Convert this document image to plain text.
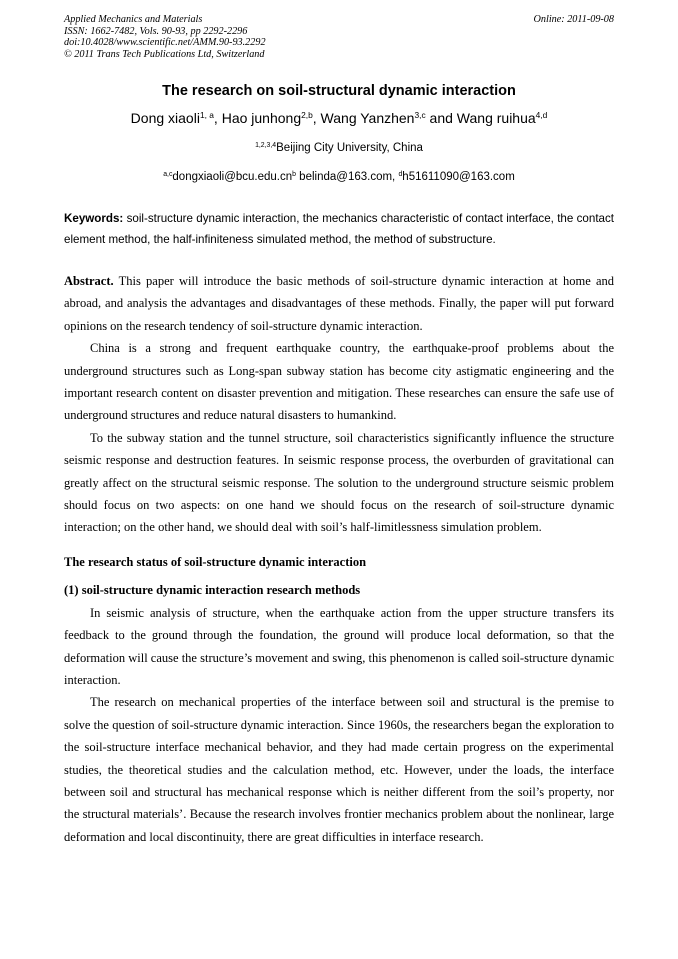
Applied Mechanics and Materials
ISSN: 1662-7482, Vols. 90-93, pp 2292-2296
doi:10.4028/www.scientific.net/AMM.90-93.2292
© 2011 Trans Tech Publications Ltd, Switzerland
Online: 2011-09-08
The research on soil-structural dynamic interaction
Dong xiaoli$^{1, a}$, Hao junhong$^{2,b}$, Wang Yanzhen$^{3,c}$ and Wang ruihua$^{4,d}$
$^{1,2,3,4}$Beijing City University, China
$^{a,c}dongxiaoli@bcu.edu.cn^b$ belinda@163.com, $^d$h51611090@163.com
Keywords: soil-structure dynamic interaction, the mechanics characteristic of contact interface, the contact element method, the half-infiniteness simulated method, the method of substructure.

Abstract. This paper will introduce the basic methods of soil-structure dynamic interaction at home and abroad, and analysis the advantages and disadvantages of these methods. Finally, the paper will put forward opinions on the research tendency of soil-structure dynamic interaction.

China is a strong and frequent earthquake country, the earthquake-proof problems about the underground structures such as Long-span subway station has become city astigmatic engineering and the important research content on disaster prevention and mitigation. These researches can ensure the safe use of underground structures and reduce natural disasters to humankind.

To the subway station and the tunnel structure, soil characteristics significantly influence the structure seismic response and destruction features. In seismic response process, the overburden of gravitational can greatly affect on the structural seismic response. The solution to the underground structure seismic problem should focus on two aspects: on one hand we should focus on the research of soil-structure dynamic interaction; on the other hand, we should deal with soil’s half-limitlessness simulation problem.

The research status of soil-structure dynamic interaction
(1) soil-structure dynamic interaction research methods

In seismic analysis of structure, when the earthquake action from the upper structure transfers its feedback to the ground through the foundation, the ground will produce local deformation, so that the deformation will cause the structure’s movement and swing, this phenomenon is called soil-structure dynamic interaction.

The research on mechanical properties of the interface between soil and structural is the premise to solve the question of soil-structure dynamic interaction. Since 1960s, the researchers began the exploration to the soil-structure interface mechanical behavior, and they had made certain progress on the experimental studies, the theoretical studies and the calculation method, etc. However, under the loads, the interface between soil and structural has mechanical response which is neither different from the soil’s property, nor the structural materials’. Because the research involves frontier mechanics problem about the nonlinear, large deformation and local discontinuity, there are great difficulties in interface research.
